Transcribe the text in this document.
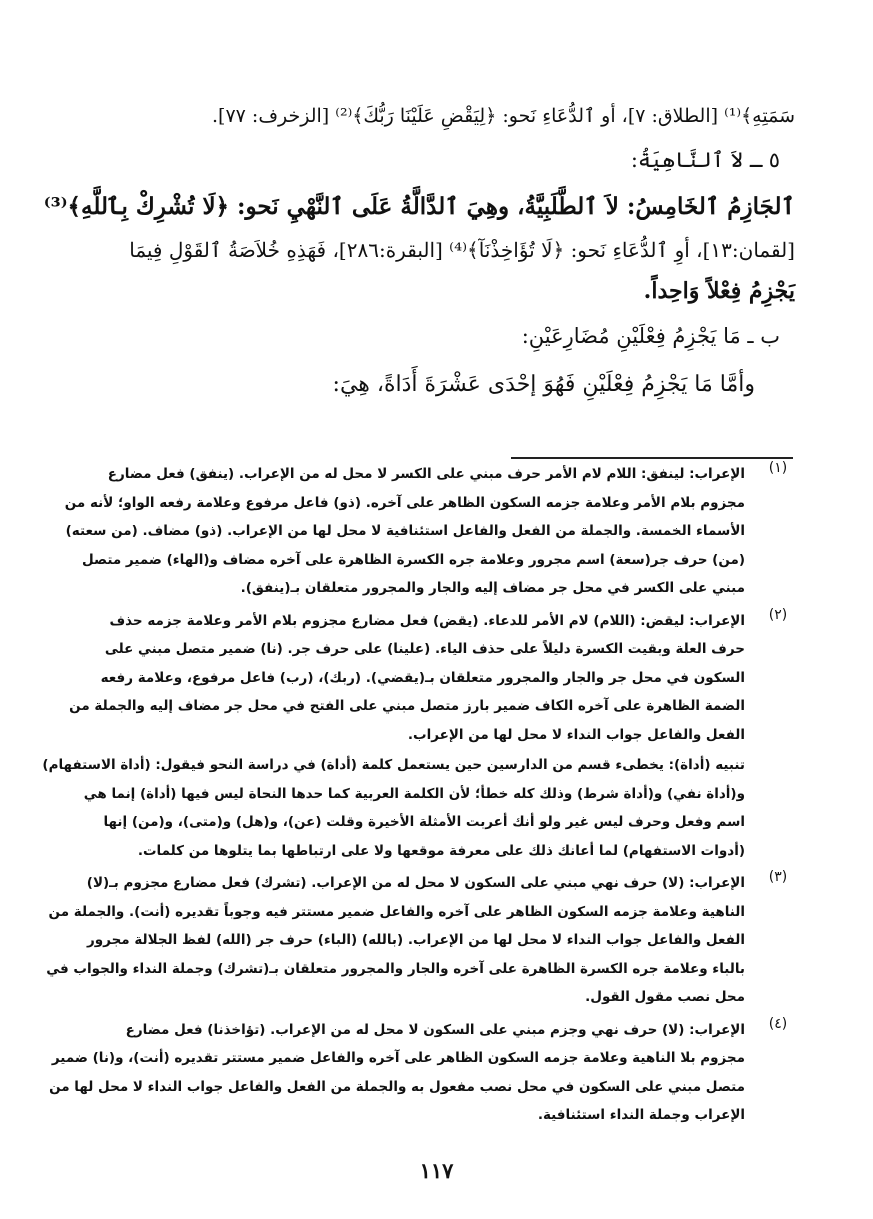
سَمَتِهِ﴾⁽¹⁾ [الطلاق: ٧]، أو ٱلدُّعَاءِ نَحو: ﴿لِيَقْضِ عَلَيْنَا رَبُّكَ﴾⁽²⁾ [الزخرف: ٧٧].

٥ ـ لاَ ٱلنَّاهِيَةُ:

ٱلجَازِمُ ٱلخَامِسُ: لاَ ٱلطَّلَبِيَّةُ، وهِيَ ٱلدَّالَّةُ عَلَى ٱلنَّهْيِ نَحو: ﴿لَا تُشْرِكْ بِٱللَّهِ﴾⁽³⁾

[لقمان:١٣]، أوِ ٱلدُّعَاءِ نَحو: ﴿لَا تُؤَاخِذْنَآ﴾⁽⁴⁾ [البقرة:٢٨٦]، فَهَذِهِ خُلاَصَةُ ٱلقَوْلِ فِيمَا

يَجْزِمُ فِعْلاً وَاحِداً.

ب ـ مَا يَجْزِمُ فِعْلَيْنِ مُضَارِعَيْنِ:

وأمَّا مَا يَجْزِمُ فِعْلَيْنِ فَهُوَ إحْدَى عَشْرَةَ أَدَاةً، هِيَ:

(١)
الإعراب: لينفق: اللام لام الأمر حرف مبني على الكسر لا محل له من الإعراب. (ينفق) فعل مضارع
مجزوم بلام الأمر وعلامة جزمه السكون الظاهر على آخره. (ذو) فاعل مرفوع وعلامة رفعه الواو؛ لأنه من
الأسماء الخمسة. والجملة من الفعل والفاعل استئنافية لا محل لها من الإعراب. (ذو) مضاف. (من سعته)
(من) حرف جر(سعة) اسم مجرور وعلامة جره الكسرة الظاهرة على آخره مضاف و(الهاء) ضمير متصل
مبني على الكسر في محل جر مضاف إليه والجار والمجرور متعلقان بـ(ينفق).
(٢)
الإعراب: ليقض: (اللام) لام الأمر للدعاء. (يقض) فعل مضارع مجزوم بلام الأمر وعلامة جزمه حذف
حرف العلة وبقيت الكسرة دليلاً على حذف الياء. (علينا) على حرف جر. (نا) ضمير متصل مبني على
السكون في محل جر والجار والمجرور متعلقان بـ(يقضي). (ربك)، (رب) فاعل مرفوع، وعلامة رفعه
الضمة الظاهرة على آخره الكاف ضمير بارز متصل مبني على الفتح في محل جر مضاف إليه والجملة من
الفعل والفاعل جواب النداء لا محل لها من الإعراب.
تنبيه (أداة): يخطىء قسم من الدارسين حين يستعمل كلمة (أداة) في دراسة النحو فيقول: (أداة الاستفهام)
و(أداة نفي) و(أداة شرط) وذلك كله خطأ؛ لأن الكلمة العربية كما حدها النحاة ليس فيها (أداة) إنما هي
اسم وفعل وحرف ليس غير ولو أنك أعربت الأمثلة الأخيرة وقلت (عن)، و(هل) و(متى)، و(من) إنها
(أدوات الاستفهام) لما أعانك ذلك على معرفة موقعها ولا على ارتباطها بما يتلوها من كلمات.
(٣)
الإعراب: (لا) حرف نهي مبني على السكون لا محل له من الإعراب. (تشرك) فعل مضارع مجزوم بـ(لا)
الناهية وعلامة جزمه السكون الظاهر على آخره والفاعل ضمير مستتر فيه وجوباً تقديره (أنت). والجملة من
الفعل والفاعل جواب النداء لا محل لها من الإعراب. (بالله) (الباء) حرف جر (الله) لفظ الجلالة مجرور
بالباء وعلامة جره الكسرة الظاهرة على آخره والجار والمجرور متعلقان بـ(تشرك) وجملة النداء والجواب في
محل نصب مقول القول.
(٤)
الإعراب: (لا) حرف نهي وجزم مبني على السكون لا محل له من الإعراب. (تؤاخذنا) فعل مضارع
مجزوم بلا الناهية وعلامة جزمه السكون الظاهر على آخره والفاعل ضمير مستتر تقديره (أنت)، و(نا) ضمير
متصل مبني على السكون في محل نصب مفعول به والجملة من الفعل والفاعل جواب النداء لا محل لها من
الإعراب وجملة النداء استئنافية.
١١٧
